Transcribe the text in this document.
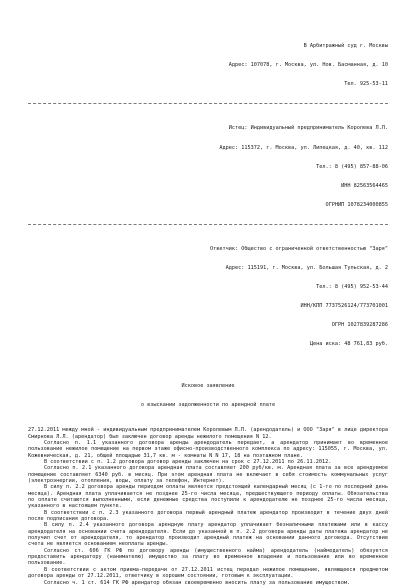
В Арбитражный суд г. Москвы

Адрес: 107078, г. Москва, ул. Нов. Басманная, д. 10

Тел. 925-53-11

Истец: Индивидуальный предприниматель Королева Л.Л.

Адрес: 115372, г. Москва, ул. Липецкая, д. 40, кв. 112

Тел.: 8 (495) 857-88-06

ИНН 82563564465

ОГРНИП 1078234000855

Ответчик: Общество с ограниченной ответственностью "Заря"

Адрес: 115191, г. Москва, ул. Большая Тульская, д. 2

Тел.: 8 (495) 952-53-44

ИНН/КПП 7737526124/773701001

ОГРН 1027839287286

Цена иска: 48 761,83 руб.

Исковое заявление

о взыскании задолженности по арендной плате

27.12.2011 между мной - индивидуальным предпринимателем Королевым Л.Л. (арендодатель) и ООО "Заря" в лице директора Смирнова Л.Л. (арендатор) был заключен договор аренды нежилого помещения N 12.

Согласно п. 1.1 указанного договора аренды арендодатель передает, а арендатор принимает во временное пользование нежилое помещение на первом этаже офисно-производственного комплекса по адресу: 115055, г. Москва, ул. Кожевническая, д. 21, общей площадью 31,7 кв. м - комнаты N N 17, 18 на поэтажном плане.

В соответствии с п. 1.2 договора договор аренды заключен на срок с 27.12.2011 по 26.11.2012.

Согласно п. 2.1 указанного договора арендная плата составляет 200 руб/кв. м. Арендная плата за все арендуемое помещение составляет 6340 руб. в месяц. При этом арендная плата не включает в себя стоимость коммунальных услуг (электроэнергии, отопления, воды, оплату за телефон, Интернет).

В силу п. 2.2 договора аренды периодом оплаты является предстоящий календарный месяц (с 1-го по последний день месяца). Арендная плата уплачивается не позднее 25-го числа месяца, предшествующего периоду оплаты. Обязательства по оплате считаются выполненными, если денежные средства поступили к арендодателю не позднее 25-го числа месяца, указанного в настоящем пункте.

В соответствии с п. 2.3 указанного договора первый арендный платеж арендатор производит в течение двух дней после подписания договора.

В силу п. 2.4 указанного договора арендную плату арендатор уплачивает безналичными платежами или в кассу арендодателя на основании счета арендодателя. Если до указанной в п. 2.2 договора аренды даты платежа арендатор не получил счет от арендодателя, то арендатор производит арендный платеж на основании данного договора. Отсутствие счета не является основанием неоплаты аренды.

Согласно ст. 606 ГК РФ по договору аренды (имущественного найма) арендодатель (наймодатель) обязуется предоставить арендатору (нанимателю) имущество за плату во временное владение и пользование или во временное пользование.

В соответствии с актом приема-передачи от 27.12.2011 истец передал нежилое помещение, являющееся предметом договора аренды от 27.12.2011, ответчику в хорошем состоянии, готовым к эксплуатации.

Согласно ч. 1 ст. 614 ГК РФ арендатор обязан своевременно вносить плату за пользование имуществом.
